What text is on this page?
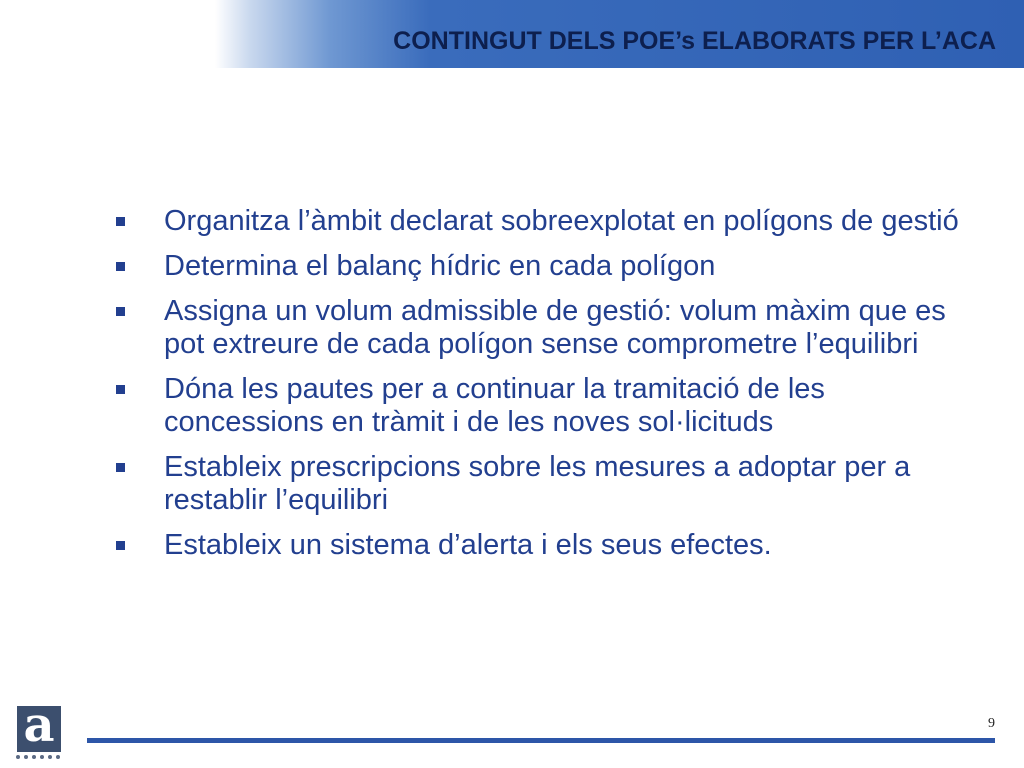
CONTINGUT DELS POE’s ELABORATS PER L’ACA
Organitza l’àmbit declarat sobreexplotat en polígons de gestió
Determina el balanç hídric en cada polígon
Assigna un volum admissible de gestió: volum màxim que es pot extreure de cada polígon sense comprometre l’equilibri
Dóna les pautes per a continuar la tramitació de les concessions en tràmit i de les noves sol·licituds
Estableix prescripcions sobre les mesures a adoptar per a restablir l’equilibri
Estableix un sistema d’alerta i els seus efectes.
a	9
